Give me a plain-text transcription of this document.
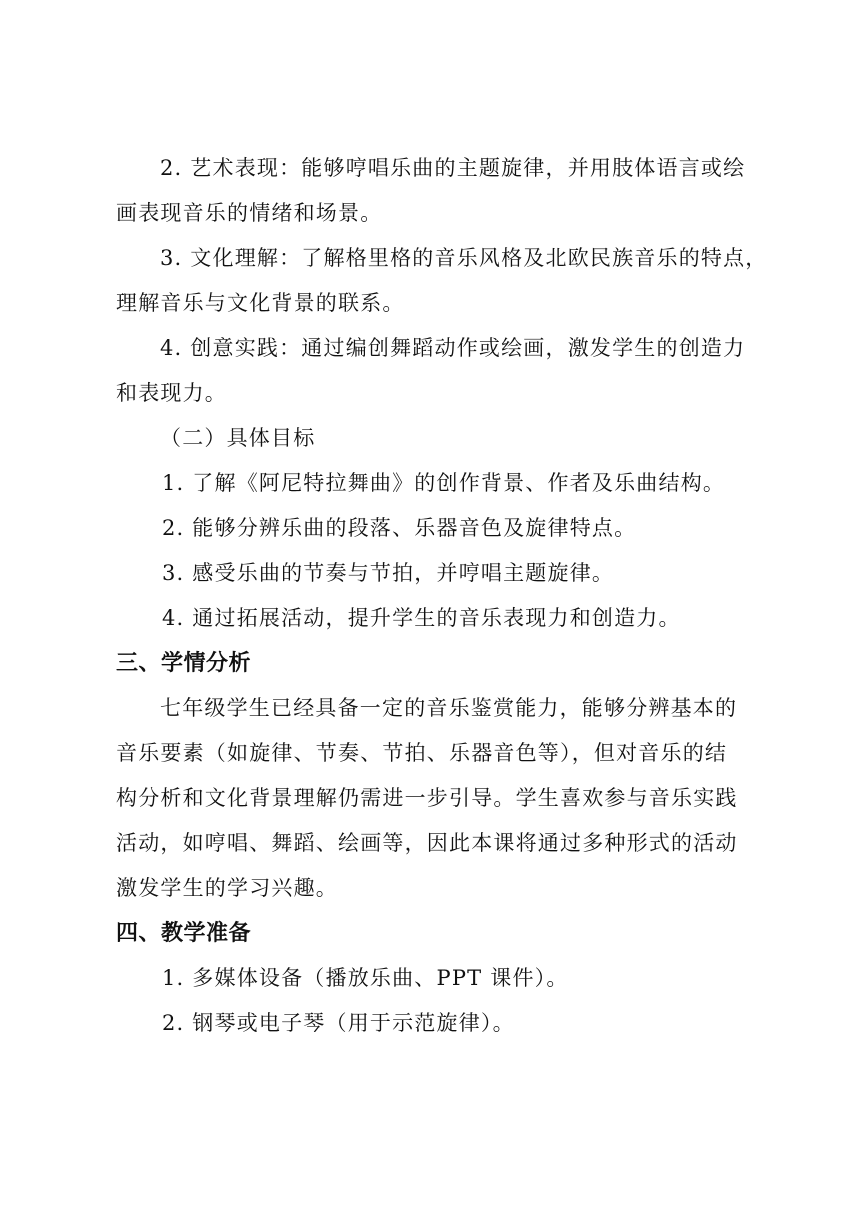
2. 艺术表现：能够哼唱乐曲的主题旋律，并用肢体语言或绘
画表现音乐的情绪和场景。
3. 文化理解：了解格里格的音乐风格及北欧民族音乐的特点，
理解音乐与文化背景的联系。
4. 创意实践：通过编创舞蹈动作或绘画，激发学生的创造力
和表现力。
（二）具体目标
1. 了解《阿尼特拉舞曲》的创作背景、作者及乐曲结构。
2. 能够分辨乐曲的段落、乐器音色及旋律特点。
3. 感受乐曲的节奏与节拍，并哼唱主题旋律。
4. 通过拓展活动，提升学生的音乐表现力和创造力。
三、学情分析
七年级学生已经具备一定的音乐鉴赏能力，能够分辨基本的
音乐要素（如旋律、节奏、节拍、乐器音色等），但对音乐的结
构分析和文化背景理解仍需进一步引导。学生喜欢参与音乐实践
活动，如哼唱、舞蹈、绘画等，因此本课将通过多种形式的活动
激发学生的学习兴趣。
四、教学准备
1. 多媒体设备（播放乐曲、PPT 课件）。
2. 钢琴或电子琴（用于示范旋律）。
